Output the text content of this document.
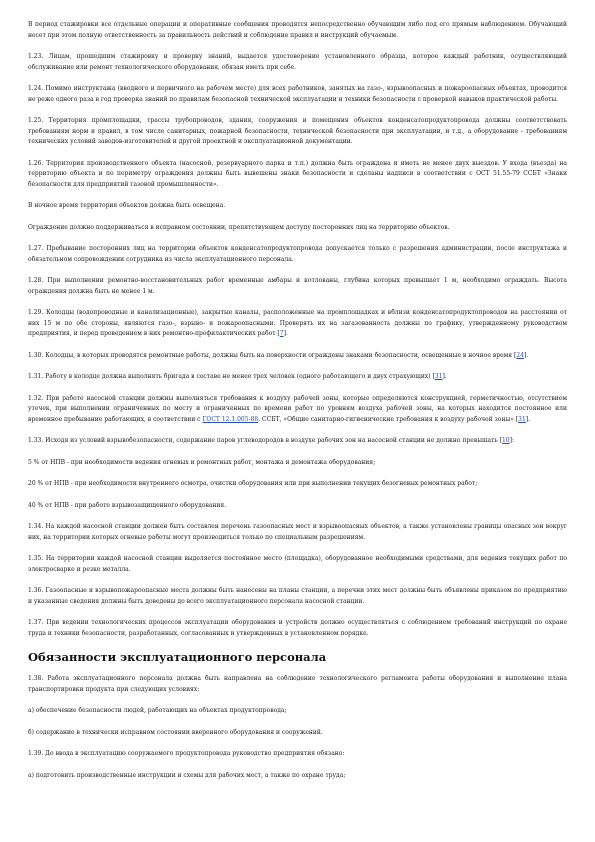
В период стажировки все отдельные операции и оперативные сообщения проводятся непосредственно обучающим либо под его прямым наблюдением. Обучающий несет при этом полную ответственность за правильность действий и соблюдение правил и инструкций обучаемым.

1.23. Лицам, прошедшим стажировку и проверку знаний, выдается удостоверение установленного образца, которое каждый работник, осуществляющий обслуживание или ремонт технологического оборудования, обязан иметь при себе.

1.24. Помимо инструктажа (вводного и первичного на рабочем месте) для всех работников, занятых на газо-, взрывоопасных и пожароопасных объектах, проводится не реже одного раза в год проверка знаний по правилам безопасной технической эксплуатации и техники безопасности с проверкой навыков практической работы.

1.25. Территория промплощадки, трассы трубопроводов, здания, сооружения и помещения объектов конденсатопродуктопровода должны соответствовать требованиям норм и правил, в том числе санитарных, пожарной безопасности, технической безопасности при эксплуатации, и т.д., а оборудование - требованиям технических условий заводов-изготовителей и другой проектной и эксплуатационной документации.

1.26. Территория производственного объекта (насосной, резервуарного парка и т.п.) должна быть ограждена и иметь не менее двух выездов. У входа (въезда) на территорию объекта и по периметру ограждения должны быть вывешены знаки безопасности и сделаны надписи в соответствии с ОСТ 51.55-79 ССБТ «Знаки безопасности для предприятий газовой промышленности».

В ночное время территория объектов должна быть освещена.

Ограждение должно поддерживаться в исправном состоянии, препятствующем доступу посторонних лиц на территорию объектов.

1.27. Пребывание посторонних лиц на территории объектов конденсатопродуктопровода допускается только с разрешения администрации, после инструктажа и обязательном сопровождении сотрудника из числа эксплуатационного персонала.

1.28. При выполнении ремонтно-восстановительных работ временные амбары и котлованы, глубина которых превышает 1 м, необходимо ограждать. Высота ограждения должна быть не менее 1 м.

1.29. Колодцы (водопроводные и канализационные), закрытые каналы, расположенные на промплощадках и вблизи конденсатопродуктопроводов на расстоянии от них 15 м по обе стороны, являются газо-, взрыво- и пожароопасными. Проверять их на загазованность должны по графику, утвержденному руководством предприятия, и перед проведением в них ремонтно-профилактических работ [7].

1.30. Колодцы, в которых проводятся ремонтные работы, должны быть на поверхности ограждены знаками безопасности, освещенные в ночное время [24].

1.31. Работу в колодце должна выполнять бригада в составе не менее трех человек (одного работающего и двух страхующих) [31].

1.32. При работе насосной станции должны выполняться требования к воздуху рабочей зоны, которые определяются конструкцией, герметичностью, отсутствием утечек, при выполнении ограниченных по месту и ограниченных по времени работ по уровням воздуха рабочей зоны, на которых находится постоянное или временное пребывание работающих, в соответствии с ГОСТ 12.1.005-88. ССБТ, «Общие санитарно-гигиенические требования к воздуху рабочей зоны» [31].

1.33. Исходя из условий взрывобезопасности, содержание паров углеводородов в воздухе рабочих зон на насосной станции не должно превышать [10]:

5 % от НПВ - при необходимости ведения огневых и ремонтных работ, монтажа и демонтажа оборудования;

20 % от НПВ - при необходимости внутреннего осмотра, очистки оборудования или при выполнении текущих безогневых ремонтных работ;

40 % от НПВ - при работе взрывозащищенного оборудования.

1.34. На каждой насосной станции должен быть составлен перечень газоопасных мест и взрывоопасных объектов, а также установлены границы опасных зон вокруг них, на территории которых огневые работы могут производиться только по специальным разрешениям.

1.35. На территории каждой насосной станции выделяется постоянное место (площадка), оборудованное необходимыми средствами, для ведения текущих работ по электросварке и резке металла.

1.36. Газоопасные и взрывопожароопасные места должны быть нанесены на планы станции, а перечни этих мест должны быть объявлены приказом по предприятию и указанные сведения должны быть доведены до всего эксплуатационного персонала насосной станции.

1.37. При ведении технологических процессов эксплуатации оборудования и устройств должно осуществляться с соблюдением требований инструкций по охране труда и техники безопасности, разработанных, согласованных и утвержденных в установленном порядке.

Обязанности эксплуатационного персонала

1.38. Работа эксплуатационного персонала должна быть направлена на соблюдение технологического регламента работы оборудования и выполнение плана транспортировки продукта при следующих условиях:

а) обеспечение безопасности людей, работающих на объектах продуктопровода;

б) содержание в технически исправном состоянии вверенного оборудования и сооружений.

1.39. До ввода в эксплуатацию сооружаемого продуктопровода руководство предприятия обязано:

а) подготовить производственные инструкции и схемы для рабочих мест, а также по охране труда;
